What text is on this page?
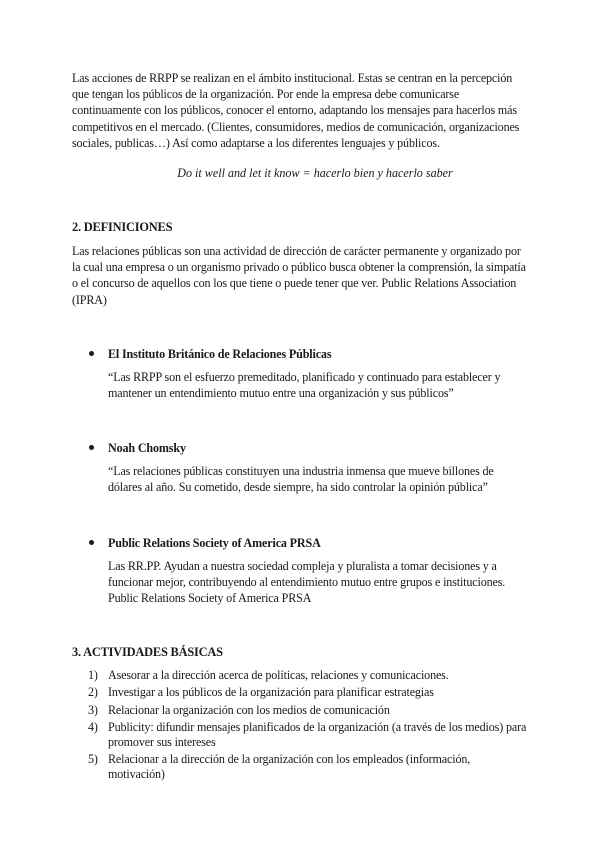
Las acciones de RRPP se realizan en el ámbito institucional. Estas se centran en la percepción que tengan los públicos de la organización. Por ende la empresa debe comunicarse continuamente con los públicos, conocer el entorno, adaptando los mensajes para hacerlos más competitivos en el mercado. (Clientes, consumidores, medios de comunicación, organizaciones sociales, publicas…) Así como adaptarse a los diferentes lenguajes y públicos.

Do it well and let it know = hacerlo bien y hacerlo saber

2. DEFINICIONES

Las relaciones públicas son una actividad de dirección de carácter permanente y organizado por la cual una empresa o un organismo privado o público busca obtener la comprensión, la simpatía o el concurso de aquellos con los que tiene o puede tener que ver. Public Relations Association (IPRA)

El Instituto Británico de Relaciones Públicas
“Las RRPP son el esfuerzo premeditado, planificado y continuado para establecer y mantener un entendimiento mutuo entre una organización y sus públicos”
Noah Chomsky
“Las relaciones públicas constituyen una industria inmensa que mueve billones de dólares al año. Su cometido, desde siempre, ha sido controlar la opinión pública”
Public Relations Society of America PRSA
Las RR.PP. Ayudan a nuestra sociedad compleja y pluralista a tomar decisiones y a funcionar mejor, contribuyendo al entendimiento mutuo entre grupos e instituciones. Public Relations Society of America PRSA
3. ACTIVIDADES BÁSICAS
1) Asesorar a la dirección acerca de políticas, relaciones y comunicaciones.
2) Investigar a los públicos de la organización para planificar estrategias
3) Relacionar la organización con los medios de comunicación
4) Publicity: difundir mensajes planificados de la organización (a través de los medios) para promover sus intereses
5) Relacionar a la dirección de la organización con los empleados (información, motivación)
